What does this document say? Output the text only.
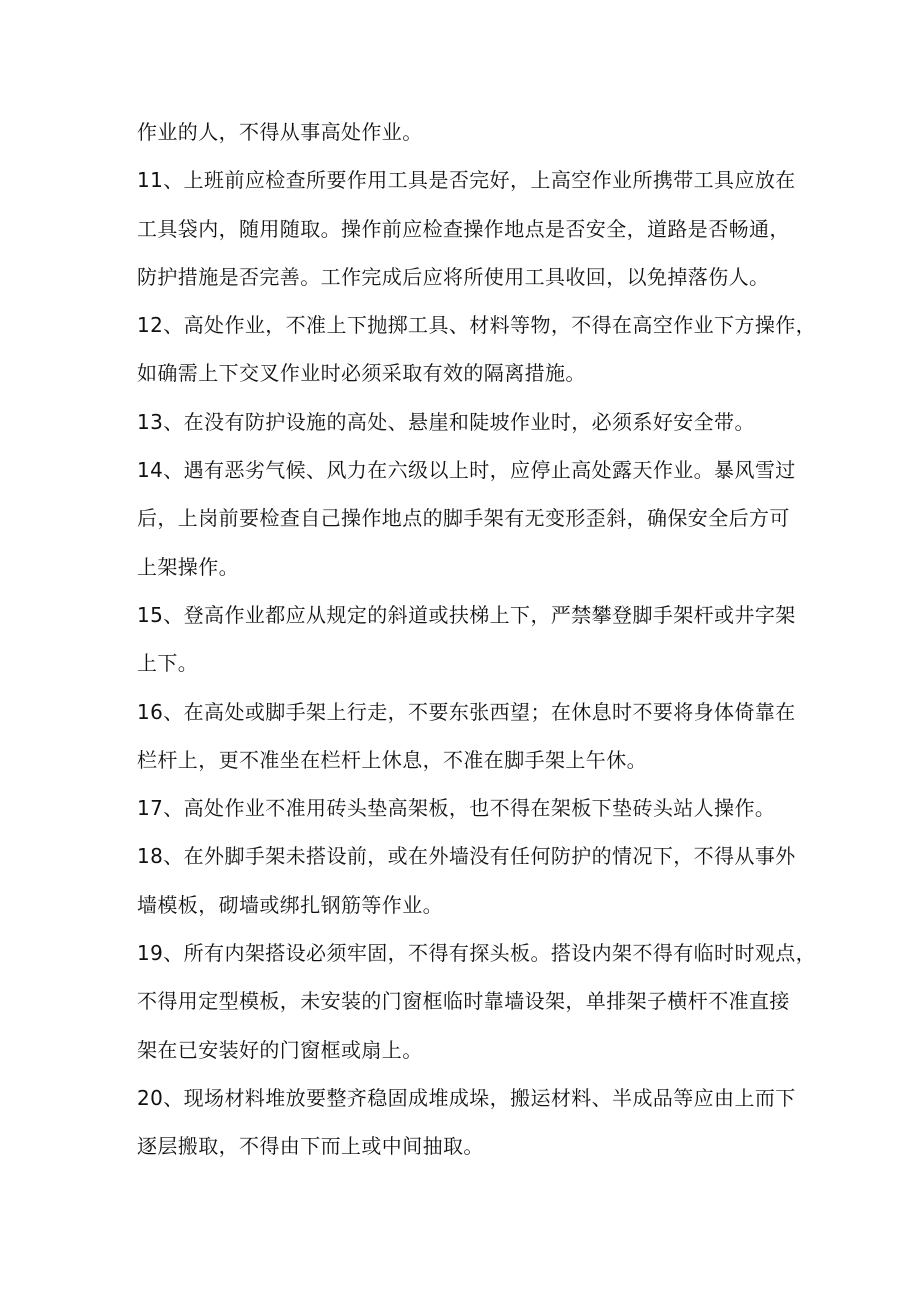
作业的人，不得从事高处作业。
11、上班前应检查所要作用工具是否完好，上高空作业所携带工具应放在
工具袋内，随用随取。操作前应检查操作地点是否安全，道路是否畅通，
防护措施是否完善。工作完成后应将所使用工具收回，以免掉落伤人。
12、高处作业，不准上下抛掷工具、材料等物，不得在高空作业下方操作，
如确需上下交叉作业时必须采取有效的隔离措施。
13、在没有防护设施的高处、悬崖和陡坡作业时，必须系好安全带。
14、遇有恶劣气候、风力在六级以上时，应停止高处露天作业。暴风雪过
后，上岗前要检查自己操作地点的脚手架有无变形歪斜，确保安全后方可
上架操作。
15、登高作业都应从规定的斜道或扶梯上下，严禁攀登脚手架杆或井字架
上下。
16、在高处或脚手架上行走，不要东张西望；在休息时不要将身体倚靠在
栏杆上，更不准坐在栏杆上休息，不准在脚手架上午休。
17、高处作业不准用砖头垫高架板，也不得在架板下垫砖头站人操作。
18、在外脚手架未搭设前，或在外墙没有任何防护的情况下，不得从事外
墙模板，砌墙或绑扎钢筋等作业。
19、所有内架搭设必须牢固，不得有探头板。搭设内架不得有临时时观点，
不得用定型模板，未安装的门窗框临时靠墙设架，单排架子横杆不准直接
架在已安装好的门窗框或扇上。
20、现场材料堆放要整齐稳固成堆成垛，搬运材料、半成品等应由上而下
逐层搬取，不得由下而上或中间抽取。
